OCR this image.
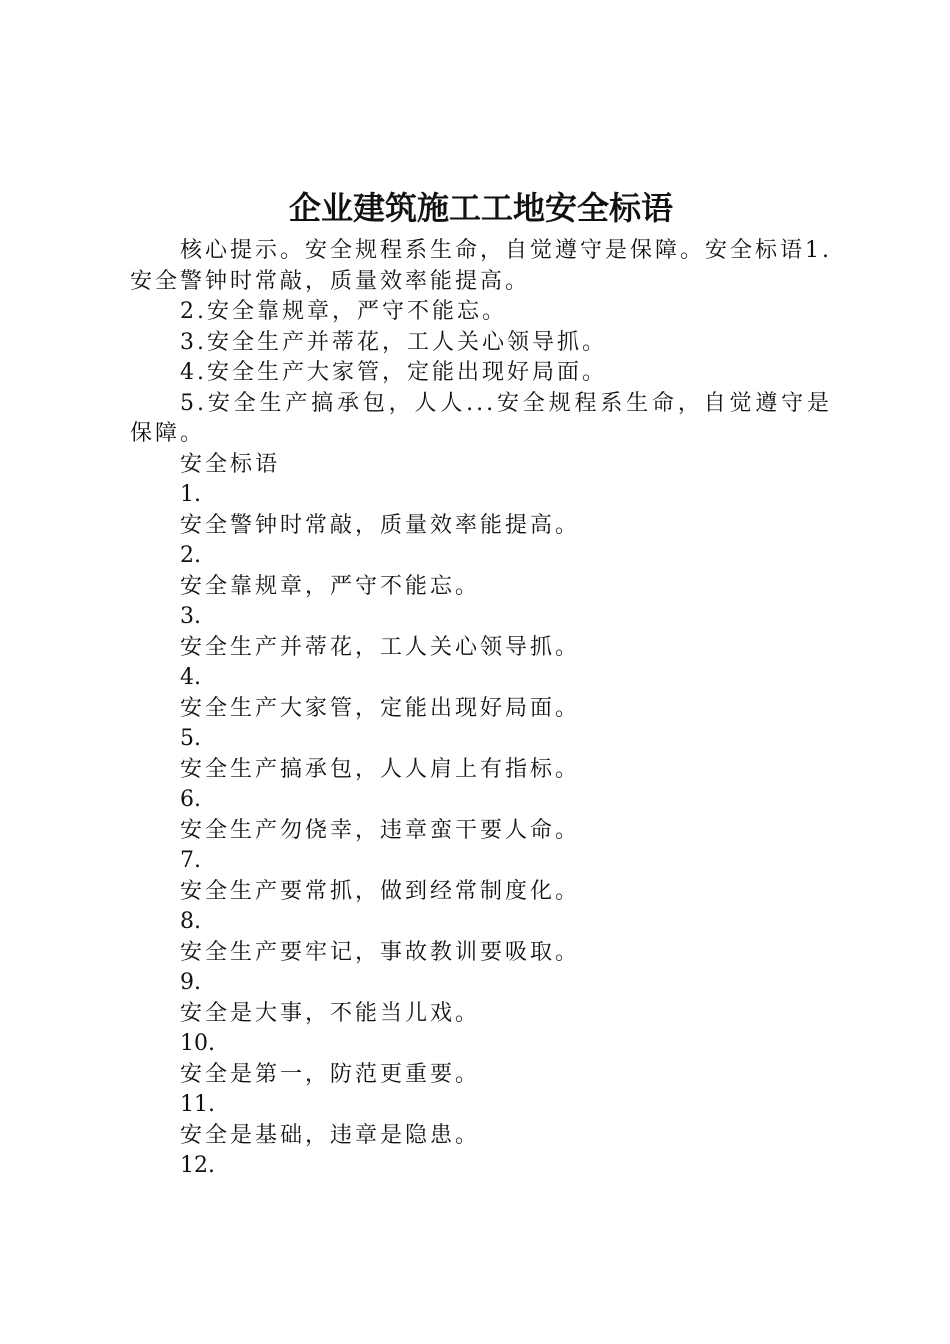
企业建筑施工工地安全标语

核心提示。安全规程系生命，自觉遵守是保障。安全标语1.安全警钟时常敲，质量效率能提高。

2.安全靠规章，严守不能忘。

3.安全生产并蒂花，工人关心领导抓。

4.安全生产大家管，定能出现好局面。

5.安全生产搞承包，人人...安全规程系生命，自觉遵守是保障。

安全标语

1.

安全警钟时常敲，质量效率能提高。

2.

安全靠规章，严守不能忘。

3.

安全生产并蒂花，工人关心领导抓。

4.

安全生产大家管，定能出现好局面。

5.

安全生产搞承包，人人肩上有指标。

6.

安全生产勿侥幸，违章蛮干要人命。

7.

安全生产要常抓，做到经常制度化。

8.

安全生产要牢记，事故教训要吸取。

9.

安全是大事，不能当儿戏。

10.

安全是第一，防范更重要。

11.

安全是基础，违章是隐患。

12.
